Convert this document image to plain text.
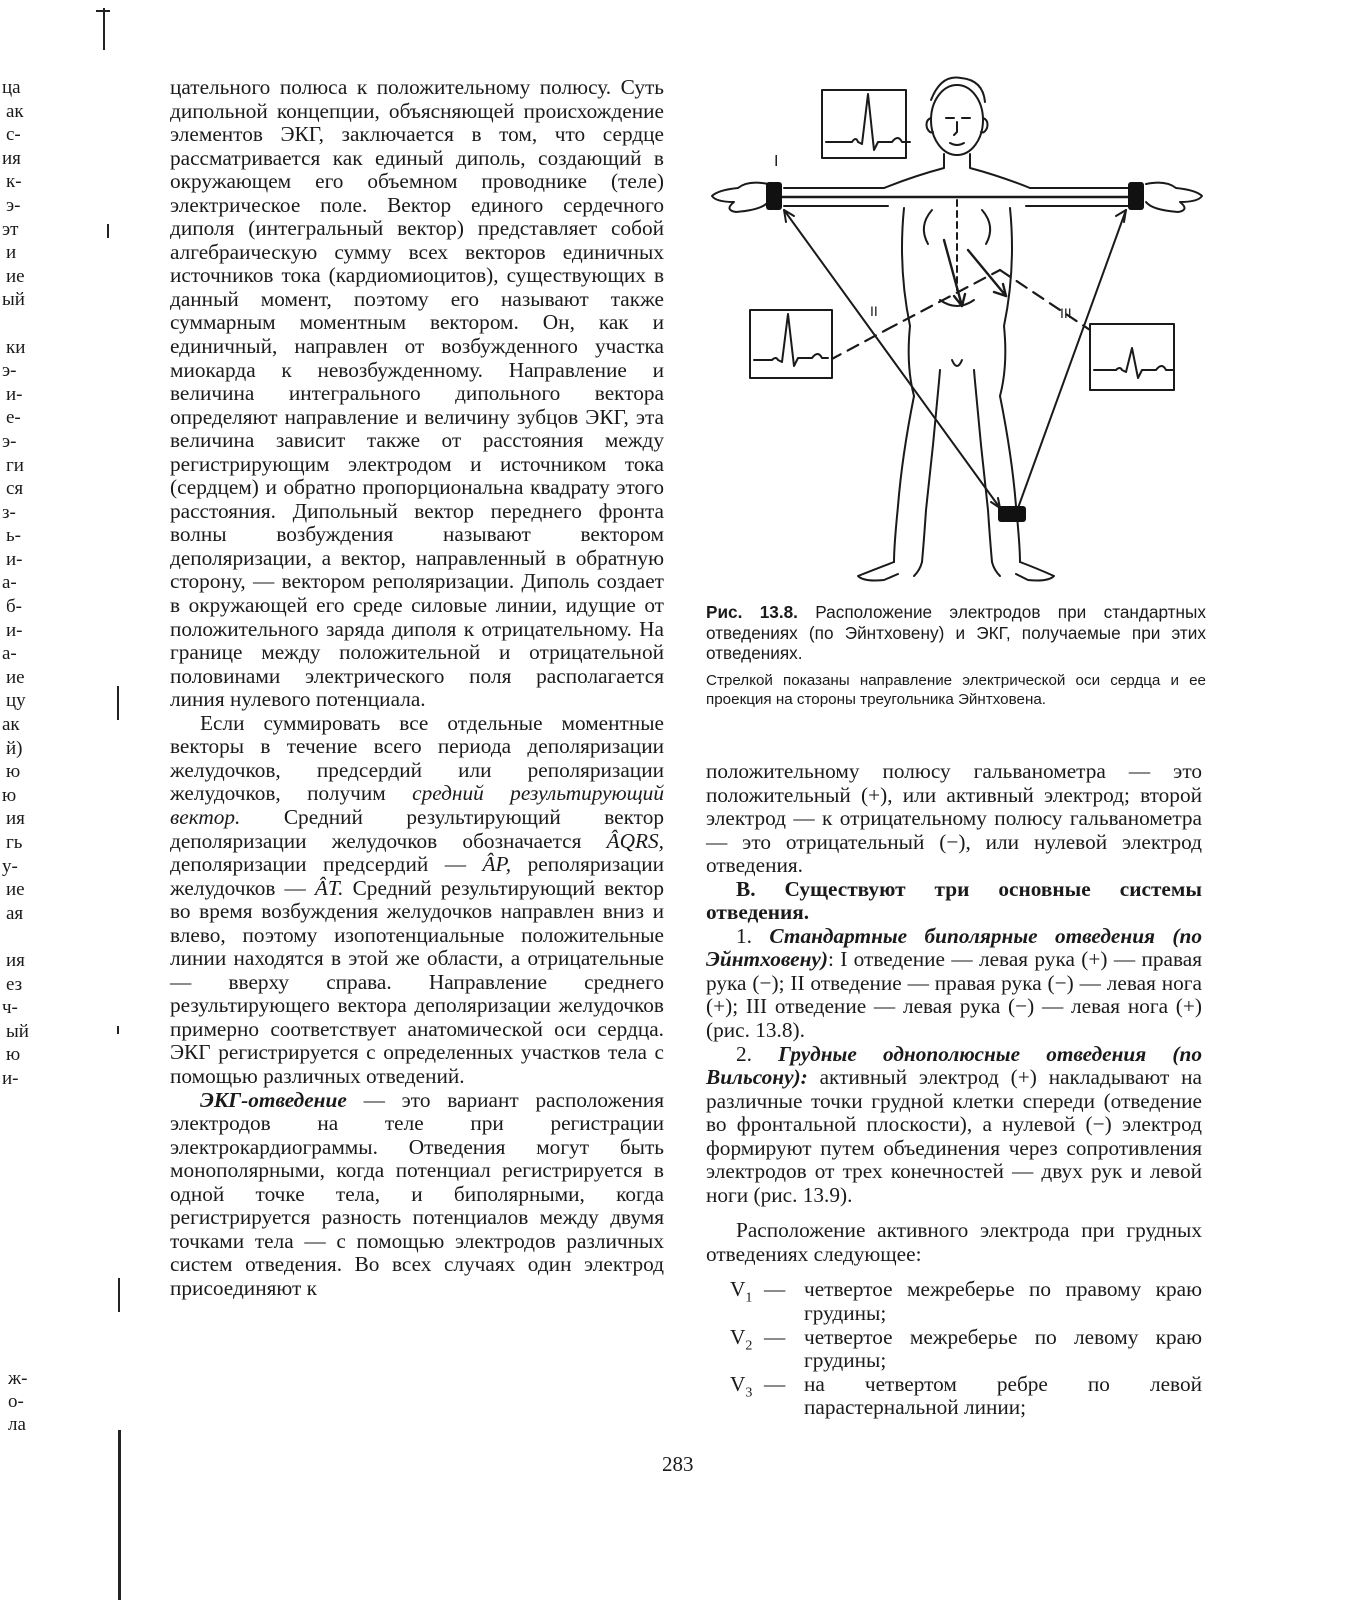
ца
ак
с-
ия
к-
э-
эт
и
ие
ый
ки
э-
и-
е-
э-
ги
ся
з-
ь-
и-
а-
б-
и-
а-
ие
цу
ак
й)
ю
ю
ия
гь
у-
ие
ая
ия
ез
ч-
ый
ю
и-
ж-
о-
ла

цательного полюса к положительному полюсу. Суть дипольной концепции, объясняющей происхождение элементов ЭКГ, заключается в том, что сердце рассматривается как единый диполь, создающий в окружающем его объемном проводнике (теле) электрическое поле. Вектор единого сердечного диполя (интегральный вектор) представляет собой алгебраическую сумму всех векторов единичных источников тока (кардиомиоцитов), существующих в данный момент, поэтому его называют также суммарным моментным вектором. Он, как и единичный, направлен от возбужденного участка миокарда к невозбужденному. Направление и величина интегрального дипольного вектора определяют направление и величину зубцов ЭКГ, эта величина зависит также от расстояния между регистрирующим электродом и источником тока (сердцем) и обратно пропорциональна квадрату этого расстояния. Дипольный вектор переднего фронта волны возбуждения называют вектором деполяризации, а вектор, направленный в обратную сторону, — вектором реполяризации. Диполь создает в окружающей его среде силовые линии, идущие от положительного заряда диполя к отрицательному. На границе между положительной и отрицательной половинами электрического поля располагается линия нулевого потенциала.

Если суммировать все отдельные моментные векторы в течение всего периода деполяризации желудочков, предсердий или реполяризации желудочков, получим средний результирующий вектор. Средний результирующий вектор деполяризации желудочков обозначается ÂQRS, деполяризации предсердий — ÂP, реполяризации желудочков — ÂT. Средний результирующий вектор во время возбуждения желудочков направлен вниз и влево, поэтому изопотенциальные положительные линии находятся в этой же области, а отрицательные — вверху справа. Направление среднего результирующего вектора деполяризации желудочков примерно соответствует анатомической оси сердца. ЭКГ регистрируется с определенных участков тела с помощью различных отведений.

ЭКГ-отведение — это вариант расположения электродов на теле при регистрации электрокардиограммы. Отведения могут быть монополярными, когда потенциал регистрируется в одной точке тела, и биполярными, когда регистрируется разность потенциалов между двумя точками тела — с помощью электродов различных систем отведения. Во всех случаях один электрод присоединяют к

I
II	III

Рис. 13.8. Расположение электродов при стандартных отведениях (по Эйнтховену) и ЭКГ, получаемые при этих отведениях.

Стрелкой показаны направление электрической оси сердца и ее проекция на стороны треугольника Эйнтховена.

положительному полюсу гальванометра — это положительный (+), или активный электрод; второй электрод — к отрицательному полюсу гальванометра — это отрицательный (−), или нулевой электрод отведения.

В. Существуют три основные системы отведения.

1. Стандартные биполярные отведения (по Эйнтховену): I отведение — левая рука (+) — правая рука (−); II отведение — правая рука (−) — левая нога (+); III отведение — левая рука (−) — левая нога (+) (рис. 13.8).

2. Грудные однополюсные отведения (по Вильсону): активный электрод (+) накладывают на различные точки грудной клетки спереди (отведение во фронтальной плоскости), а нулевой (−) электрод формируют путем объединения через сопротивления электродов от трех конечностей — двух рук и левой ноги (рис. 13.9).

Расположение активного электрода при грудных отведениях следующее:

$V_1$ — четвертое межреберье по правому краю грудины;
$V_2$ — четвертое межреберье по левому краю грудины;
$V_3$ — на четвертом ребре по левой парастернальной линии;
283
